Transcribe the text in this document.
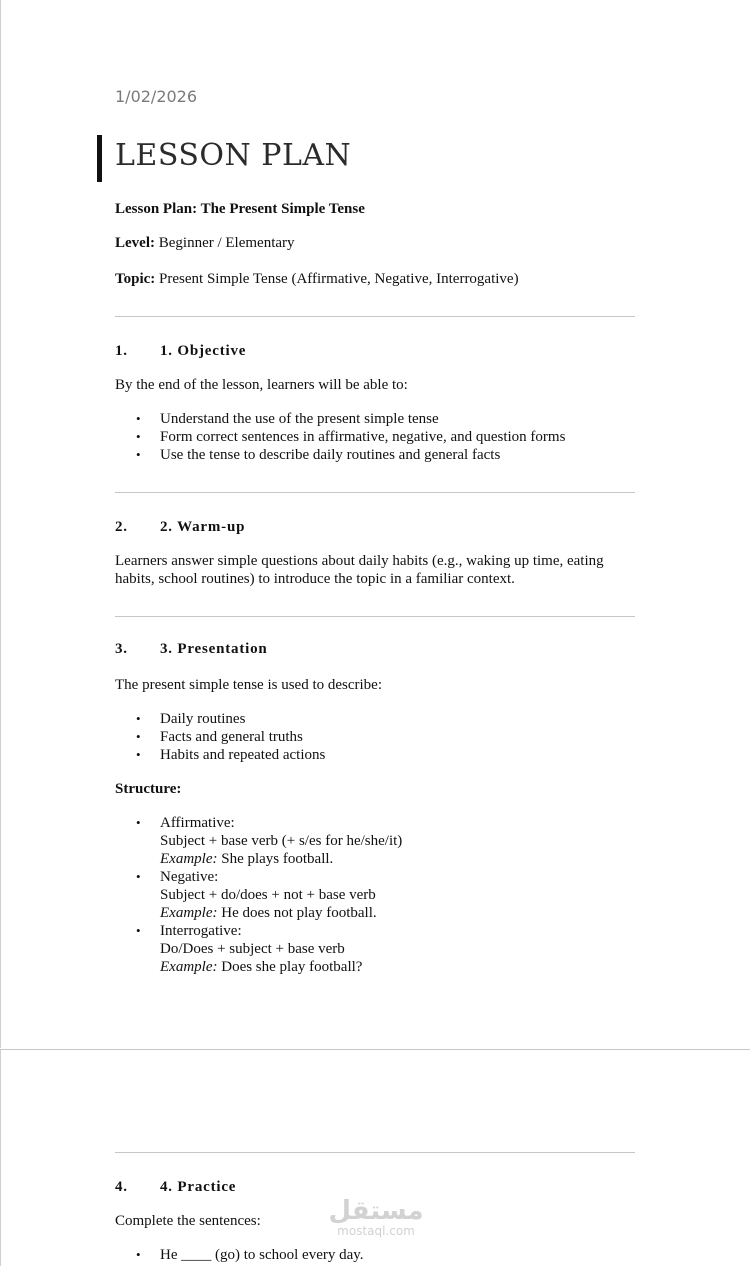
1/02/2026
LESSON PLAN
Lesson Plan: The Present Simple Tense
Level: Beginner / Elementary
Topic: Present Simple Tense (Affirmative, Negative, Interrogative)
1. 1. Objective
By the end of the lesson, learners will be able to:
• Understand the use of the present simple tense
• Form correct sentences in affirmative, negative, and question forms
• Use the tense to describe daily routines and general facts
2. 2. Warm-up
Learners answer simple questions about daily habits (e.g., waking up time, eating habits, school routines) to introduce the topic in a familiar context.
3. 3. Presentation
The present simple tense is used to describe:
• Daily routines
• Facts and general truths
• Habits and repeated actions
Structure:
• Affirmative:
Subject + base verb (+ s/es for he/she/it)
Example: She plays football.
• Negative:
Subject + do/does + not + base verb
Example: He does not play football.
• Interrogative:
Do/Does + subject + base verb
Example: Does she play football?
4. 4. Practice
Complete the sentences:
• He ____ (go) to school every day.
مستقل
mostaql.com
